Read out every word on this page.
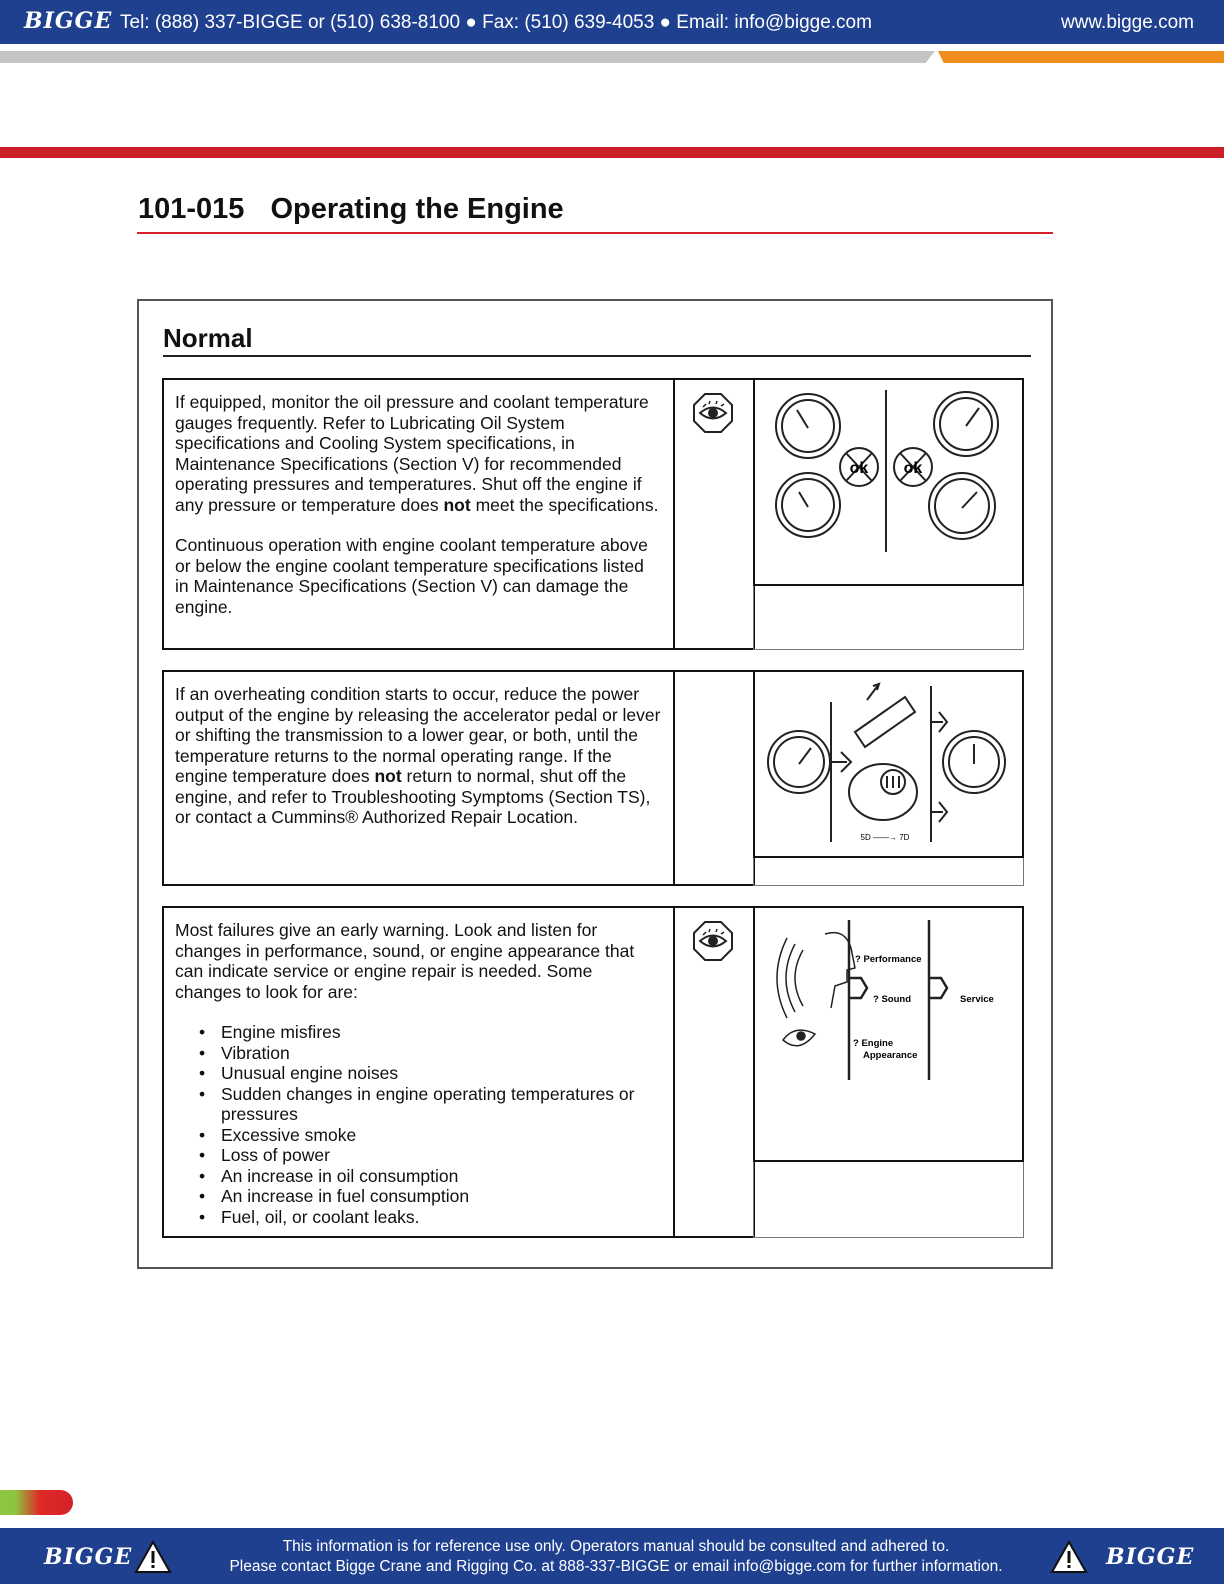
BIGGE Tel: (888) 337-BIGGE or (510) 638-8100 ● Fax: (510) 639-4053 ● Email: info@bigge.com	www.bigge.com
101-015 Operating the Engine
Normal

If equipped, monitor the oil pressure and coolant temperature gauges frequently. Refer to Lubricating Oil System specifications and Cooling System specifications, in Maintenance Specifications (Section V) for recommended operating pressures and temperatures. Shut off the engine if any pressure or temperature does not meet the specifications.

Continuous operation with engine coolant temperature above or below the engine coolant temperature specifications listed in Maintenance Specifications (Section V) can damage the engine.

ok ok

If an overheating condition starts to occur, reduce the power output of the engine by releasing the accelerator pedal or lever or shifting the transmission to a lower gear, or both, until the temperature returns to the normal operating range. If the engine temperature does not return to normal, shut off the engine, and refer to Troubleshooting Symptoms (Section TS), or contact a Cummins® Authorized Repair Location.

5D ——→ 7D

Most failures give an early warning. Look and listen for changes in performance, sound, or engine appearance that can indicate service or engine repair is needed. Some changes to look for are:

• Engine misfires
• Vibration
• Unusual engine noises
• Sudden changes in engine operating temperatures or pressures
• Excessive smoke
• Loss of power
• An increase in oil consumption
• An increase in fuel consumption
• Fuel, oil, or coolant leaks.
? Performance
? Sound	Service
? Engine
Appearance
BIGGE	This information is for reference use only. Operators manual should be consulted and adhered to.
Please contact Bigge Crane and Rigging Co. at 888-337-BIGGE or email info@bigge.com for further information.	BIGGE
